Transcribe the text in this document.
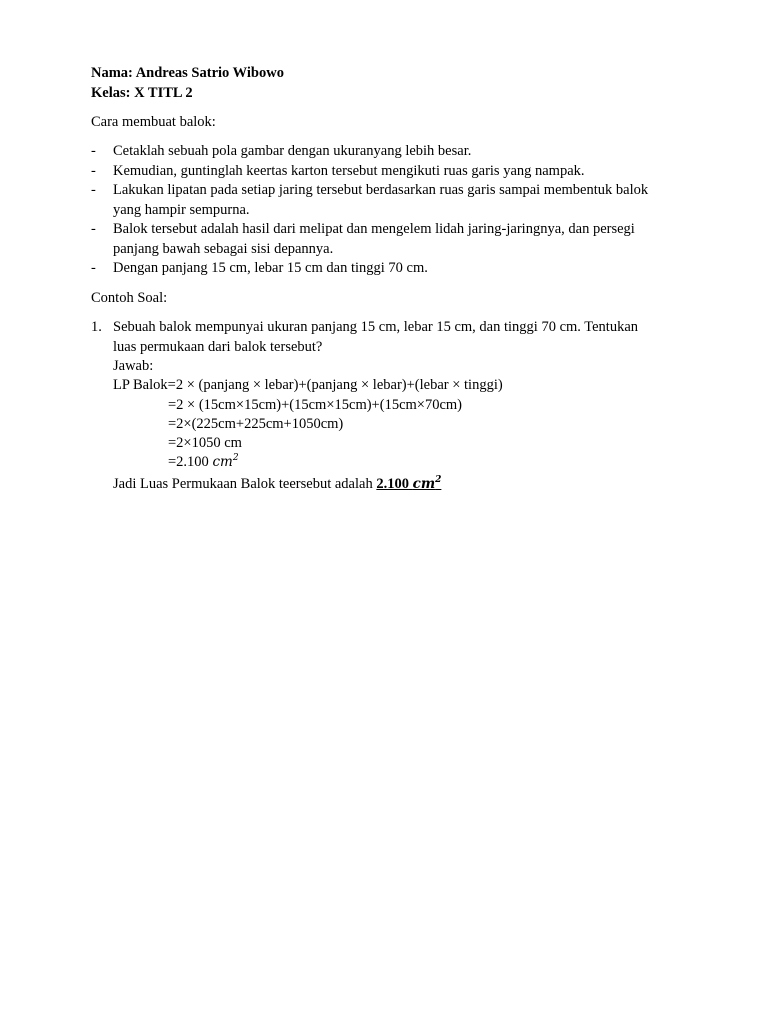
Nama: Andreas Satrio Wibowo
Kelas: X TITL 2
Cara membuat balok:
- Cetaklah sebuah pola gambar dengan ukuranyang lebih besar.
- Kemudian, guntinglah keertas karton tersebut mengikuti ruas garis yang nampak.
- Lakukan lipatan pada setiap jaring tersebut berdasarkan ruas garis sampai membentuk balok
yang hampir sempurna.
- Balok tersebut adalah hasil dari melipat dan mengelem lidah jaring-jaringnya, dan persegi
panjang bawah sebagai sisi depannya.
- Dengan panjang 15 cm, lebar 15 cm dan tinggi 70 cm.
Contoh Soal:
1. Sebuah balok mempunyai ukuran panjang 15 cm, lebar 15 cm, dan tinggi 70 cm. Tentukan
luas permukaan dari balok tersebut?
Jawab:
LP Balok=2 × (panjang × lebar)+(panjang × lebar)+(lebar × tinggi)
=2 × (15cm×15cm)+(15cm×15cm)+(15cm×70cm)
=2×(225cm+225cm+1050cm)
=2×1050 cm
=2.100 $cm^2$
Jadi Luas Permukaan Balok teersebut adalah 2.100 $cm^2$
